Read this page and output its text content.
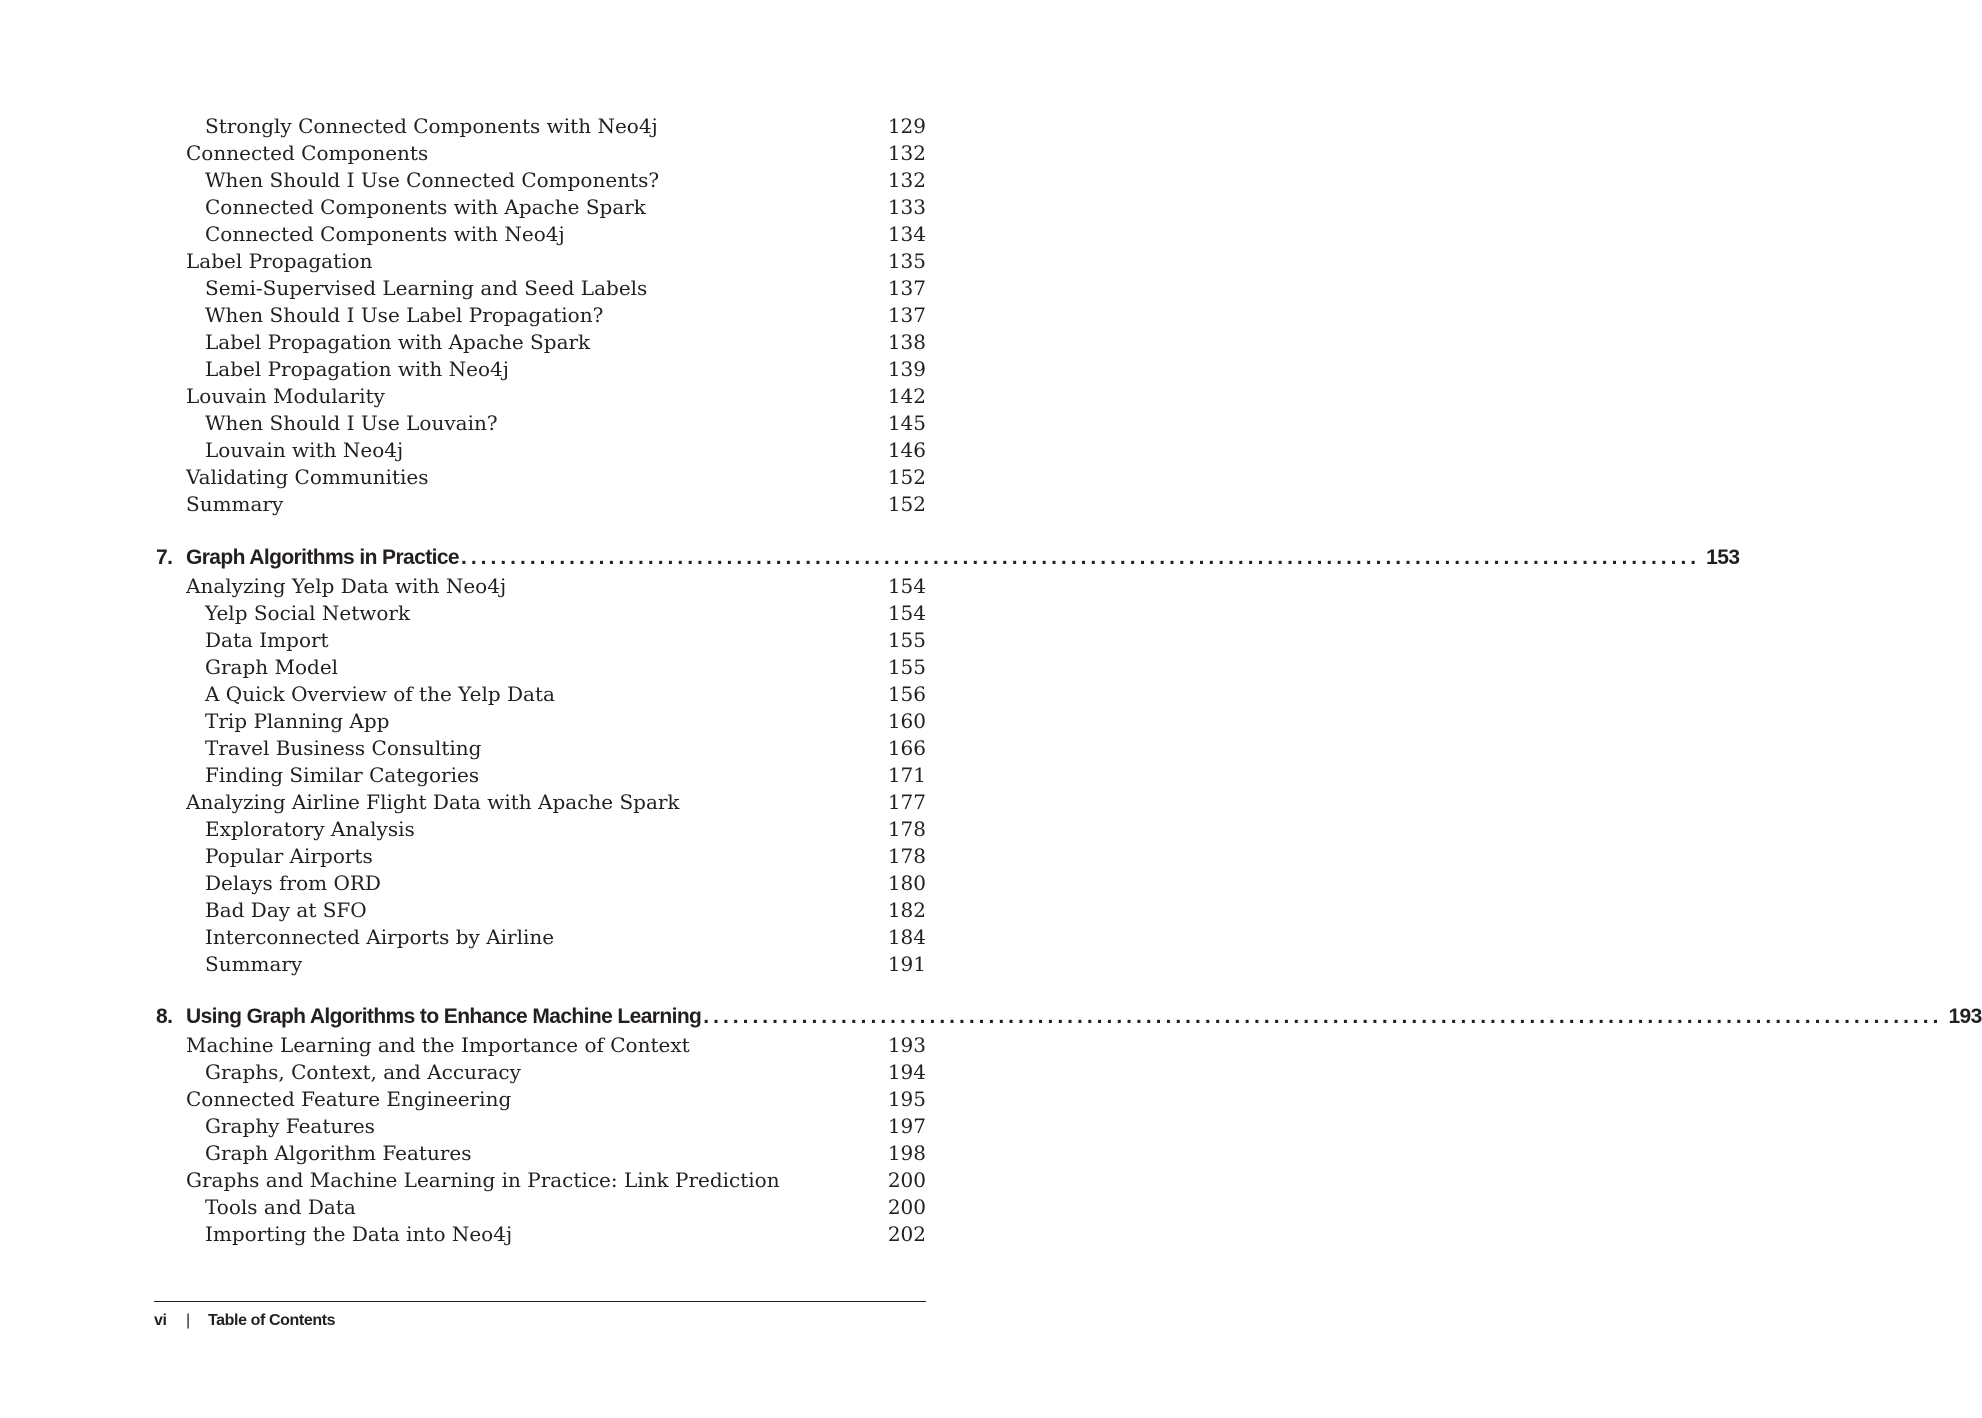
Strongly Connected Components with Neo4j	129
Connected Components	132
When Should I Use Connected Components?	132
Connected Components with Apache Spark	133
Connected Components with Neo4j	134
Label Propagation	135
Semi-Supervised Learning and Seed Labels	137
When Should I Use Label Propagation?	137
Label Propagation with Apache Spark	138
Label Propagation with Neo4j	139
Louvain Modularity	142
When Should I Use Louvain?	145
Louvain with Neo4j	146
Validating Communities	152
Summary	152
7. Graph Algorithms in Practice .............................................................................................................................. 153
Analyzing Yelp Data with Neo4j	154
Yelp Social Network	154
Data Import	155
Graph Model	155
A Quick Overview of the Yelp Data	156
Trip Planning App	160
Travel Business Consulting	166
Finding Similar Categories	171
Analyzing Airline Flight Data with Apache Spark	177
Exploratory Analysis	178
Popular Airports	178
Delays from ORD	180
Bad Day at SFO	182
Interconnected Airports by Airline	184
Summary	191
8. Using Graph Algorithms to Enhance Machine Learning .............................................................................................................................. 193
Machine Learning and the Importance of Context	193
Graphs, Context, and Accuracy	194
Connected Feature Engineering	195
Graphy Features	197
Graph Algorithm Features	198
Graphs and Machine Learning in Practice: Link Prediction	200
Tools and Data	200
Importing the Data into Neo4j	202
vi | Table of Contents
